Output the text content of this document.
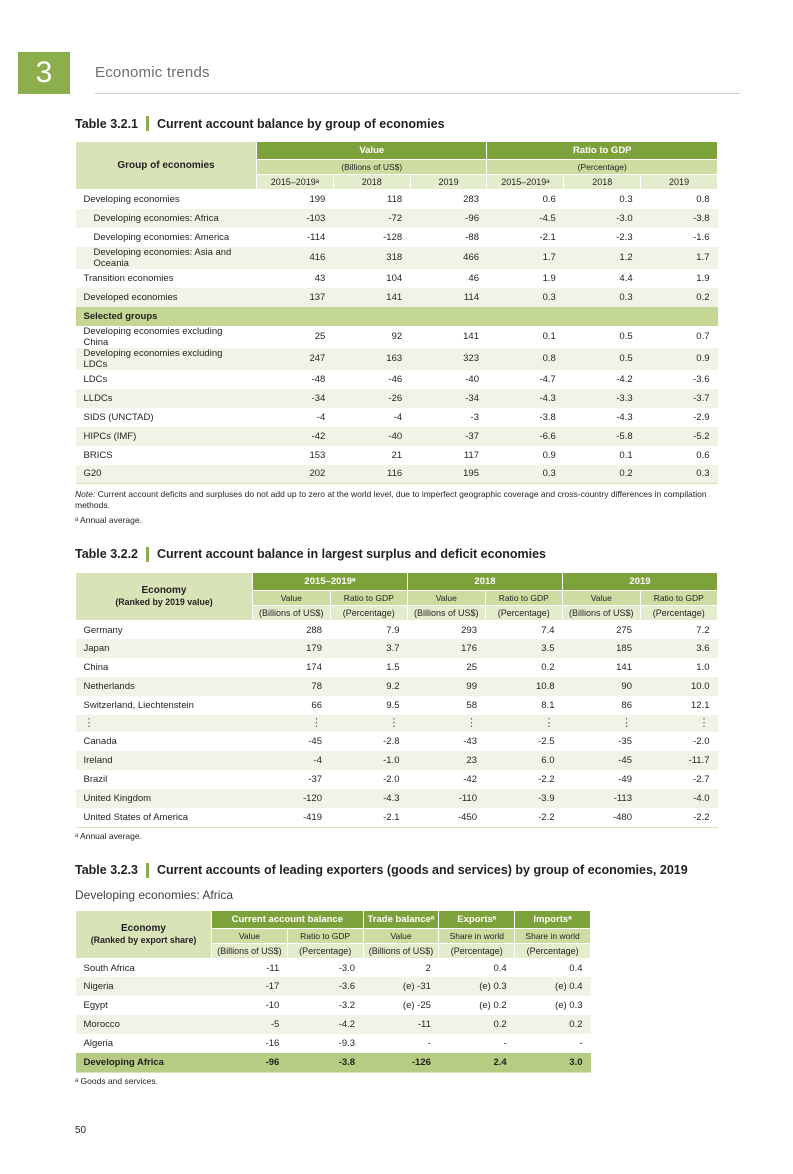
3	Economic trends
Table 3.2.1 Current account balance by group of economies
Group of economies	Value			Ratio to GDP		
	(Billions of US$)			(Percentage)		
	2015–2019ᵃ	2018	2019	2015–2019ᵃ	2018	2019
Developing economies	199	118	283	0.6	0.3	0.8
Developing economies: Africa	-103	-72	-96	-4.5	-3.0	-3.8
Developing economies: America	-114	-128	-88	-2.1	-2.3	-1.6
Developing economies: Asia and Oceania	416	318	466	1.7	1.2	1.7
Transition economies	43	104	46	1.9	4.4	1.9
Developed economies	137	141	114	0.3	0.3	0.2
Selected groups						
Developing economies excluding China	25	92	141	0.1	0.5	0.7
Developing economies excluding LDCs	247	163	323	0.8	0.5	0.9
LDCs	-48	-46	-40	-4.7	-4.2	-3.6
LLDCs	-34	-26	-34	-4.3	-3.3	-3.7
SIDS (UNCTAD)	-4	-4	-3	-3.8	-4.3	-2.9
HIPCs (IMF)	-42	-40	-37	-6.6	-5.8	-5.2
BRICS	153	21	117	0.9	0.1	0.6
G20	202	116	195	0.3	0.2	0.3

Note: Current account deficits and surpluses do not add up to zero at the world level, due to imperfect geographic coverage and cross-country differences in compilation methods.

ᵃ Annual average.

Table 3.2.2 Current account balance in largest surplus and deficit economies
Economy
(Ranked by 2019 value)	2015–2019ᵃ		2018		2019	
	Value	Ratio to GDP	Value	Ratio to GDP	Value	Ratio to GDP
	(Billions of US$)	(Percentage)	(Billions of US$)	(Percentage)	(Billions of US$)	(Percentage)
Germany	288	7.9	293	7.4	275	7.2
Japan	179	3.7	176	3.5	185	3.6
China	174	1.5	25	0.2	141	1.0
Netherlands	78	9.2	99	10.8	90	10.0
Switzerland, Liechtenstein	66	9.5	58	8.1	86	12.1
⋮	⋮	⋮	⋮	⋮	⋮	⋮
Canada	-45	-2.8	-43	-2.5	-35	-2.0
Ireland	-4	-1.0	23	6.0	-45	-11.7
Brazil	-37	-2.0	-42	-2.2	-49	-2.7
United Kingdom	-120	-4.3	-110	-3.9	-113	-4.0
United States of America	-419	-2.1	-450	-2.2	-480	-2.2

ᵃ Annual average.

Table 3.2.3 Current accounts of leading exporters (goods and services) by group of economies, 2019
Developing economies: Africa
Economy
(Ranked by export share)	Current account balance		Trade balanceᵃ	Exportsᵃ	Importsᵃ
	Value	Ratio to GDP	Value	Share in world	Share in world
	(Billions of US$)	(Percentage)	(Billions of US$)	(Percentage)	(Percentage)
South Africa	-11	-3.0	2	0.4	0.4
Nigeria	-17	-3.6	(e) -31	(e) 0.3	(e) 0.4
Egypt	-10	-3.2	(e) -25	(e) 0.2	(e) 0.3
Morocco	-5	-4.2	-11	0.2	0.2
Algeria	-16	-9.3	-	-	-
Developing Africa	-96	-3.8	-126	2.4	3.0

ᵃ Goods and services.

50
